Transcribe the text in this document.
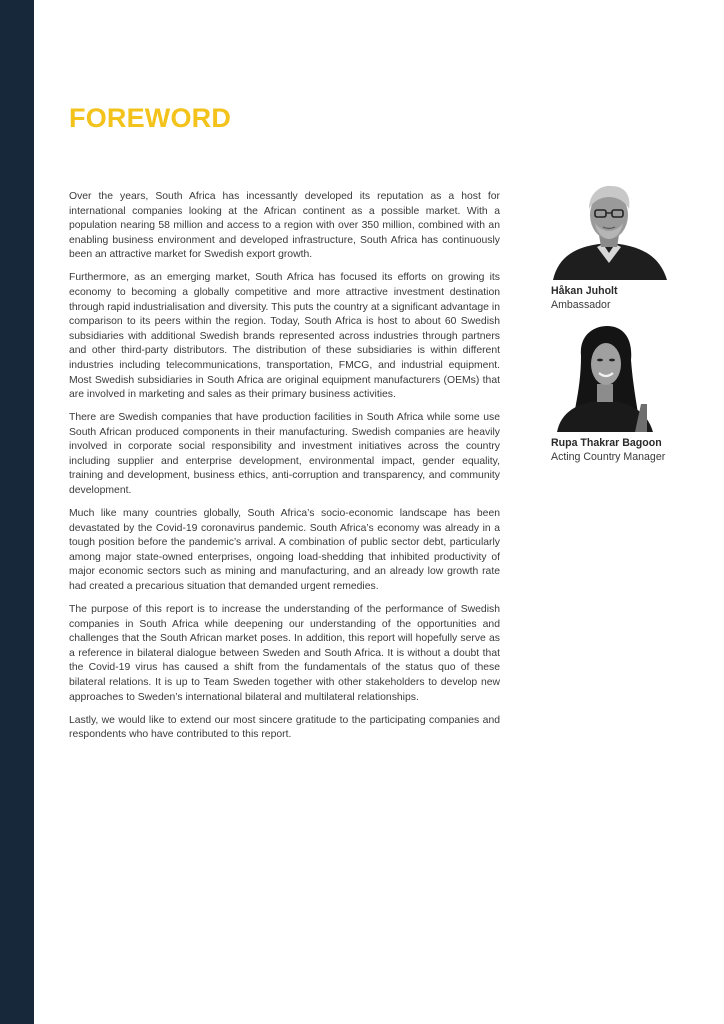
FOREWORD

Over the years, South Africa has incessantly developed its reputation as a host for international companies looking at the African continent as a possible market. With a population nearing 58 million and access to a region with over 350 million, combined with an enabling business environment and developed infrastructure, South Africa has continuously been an attractive market for Swedish export growth.

Furthermore, as an emerging market, South Africa has focused its efforts on growing its economy to becoming a globally competitive and more attractive investment destination through rapid industrialisation and diversity. This puts the country at a significant advantage in comparison to its peers within the region. Today, South Africa is host to about 60 Swedish subsidiaries with additional Swedish brands represented across industries through partners and other third-party distributors. The distribution of these subsidiaries is within different industries including telecommunications, transportation, FMCG, and industrial equipment. Most Swedish subsidiaries in South Africa are original equipment manufacturers (OEMs) that are involved in marketing and sales as their primary business activities.

There are Swedish companies that have production facilities in South Africa while some use South African produced components in their manufacturing. Swedish companies are heavily involved in corporate social responsibility and investment initiatives across the country including supplier and enterprise development, environmental impact, gender equality, training and development, business ethics, anti-corruption and transparency, and community development.

Much like many countries globally, South Africa’s socio-economic landscape has been devastated by the Covid-19 coronavirus pandemic. South Africa’s economy was already in a tough position before the pandemic’s arrival. A combination of public sector debt, particularly among major state-owned enterprises, ongoing load-shedding that inhibited productivity of major economic sectors such as mining and manufacturing, and an already low growth rate had created a precarious situation that demanded urgent remedies.

The purpose of this report is to increase the understanding of the performance of Swedish companies in South Africa while deepening our understanding of the opportunities and challenges that the South African market poses. In addition, this report will hopefully serve as a reference in bilateral dialogue between Sweden and South Africa. It is without a doubt that the Covid-19 virus has caused a shift from the fundamentals of the status quo of these bilateral relations. It is up to Team Sweden together with other stakeholders to develop new approaches to Sweden’s international bilateral and multilateral relationships.

Lastly, we would like to extend our most sincere gratitude to the participating companies and respondents who have contributed to this report.

Håkan Juholt
Ambassador
Rupa Thakrar Bagoon
Acting Country Manager
